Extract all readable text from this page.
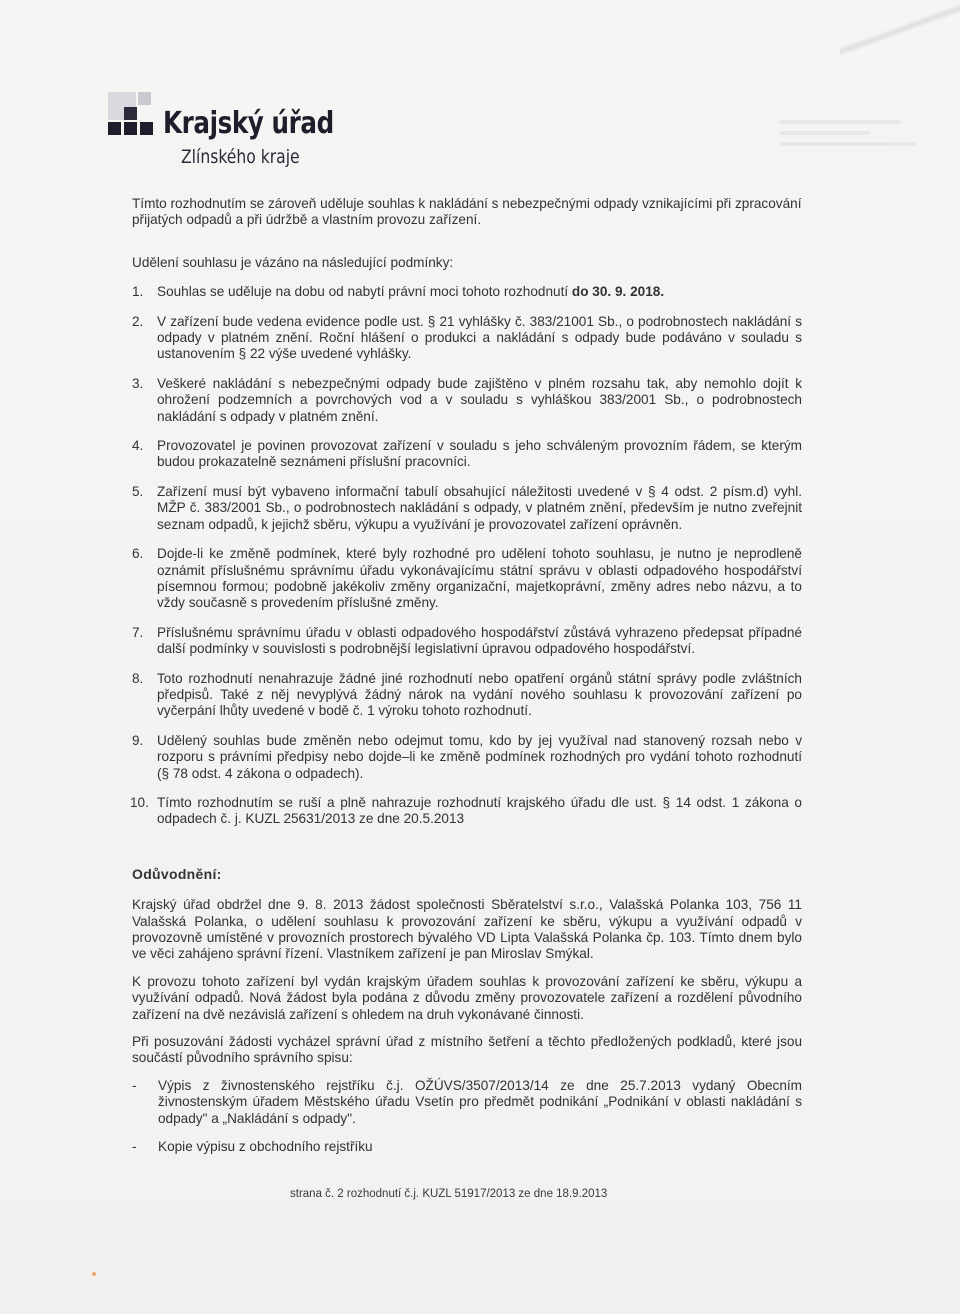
Krajský úřad
Zlínského kraje

Tímto rozhodnutím se zároveň uděluje souhlas k nakládání s nebezpečnými odpady vznikajícími při zpracování přijatých odpadů a při údržbě a vlastním provozu zařízení.

Udělení souhlasu je vázáno na následující podmínky:

1. Souhlas se uděluje na dobu od nabytí právní moci tohoto rozhodnutí do 30. 9. 2018.
2. V zařízení bude vedena evidence podle ust. § 21 vyhlášky č. 383/21001 Sb., o podrobnostech nakládání s odpady v platném znění. Roční hlášení o produkci a nakládání s odpady bude podáváno v souladu s ustanovením § 22 výše uvedené vyhlášky.
3. Veškeré nakládání s nebezpečnými odpady bude zajištěno v plném rozsahu tak, aby nemohlo dojít k ohrožení podzemních a povrchových vod a v souladu s vyhláškou 383/2001 Sb., o podrobnostech nakládání s odpady v platném znění.
4. Provozovatel je povinen provozovat zařízení v souladu s jeho schváleným provozním řádem, se kterým budou prokazatelně seznámeni příslušní pracovníci.
5. Zařízení musí být vybaveno informační tabulí obsahující náležitosti uvedené v § 4 odst. 2 písm.d) vyhl. MŽP č. 383/2001 Sb., o podrobnostech nakládání s odpady, v platném znění, především je nutno zveřejnit seznam odpadů, k jejichž sběru, výkupu a využívání je provozovatel zařízení oprávněn.
6. Dojde-li ke změně podmínek, které byly rozhodné pro udělení tohoto souhlasu, je nutno je neprodleně oznámit příslušnému správnímu úřadu vykonávajícímu státní správu v oblasti odpadového hospodářství písemnou formou; podobně jakékoliv změny organizační, majetkoprávní, změny adres nebo názvu, a to vždy současně s provedením příslušné změny.
7. Příslušnému správnímu úřadu v oblasti odpadového hospodářství zůstává vyhrazeno předepsat případné další podmínky v souvislosti s podrobnější legislativní úpravou odpadového hospodářství.
8. Toto rozhodnutí nenahrazuje žádné jiné rozhodnutí nebo opatření orgánů státní správy podle zvláštních předpisů. Také z něj nevyplývá žádný nárok na vydání nového souhlasu k provozování zařízení po vyčerpání lhůty uvedené v bodě č. 1 výroku tohoto rozhodnutí.
9. Udělený souhlas bude změněn nebo odejmut tomu, kdo by jej využíval nad stanovený rozsah nebo v rozporu s právními předpisy nebo dojde–li ke změně podmínek rozhodných pro vydání tohoto rozhodnutí (§ 78 odst. 4 zákona o odpadech).
10. Tímto rozhodnutím se ruší a plně nahrazuje rozhodnutí krajského úřadu dle ust. § 14 odst. 1 zákona o odpadech č. j. KUZL 25631/2013 ze dne 20.5.2013

Odůvodnění:

Krajský úřad obdržel dne 9. 8. 2013 žádost společnosti Sběratelství s.r.o., Valašská Polanka 103, 756 11 Valašská Polanka, o udělení souhlasu k provozování zařízení ke sběru, výkupu a využívání odpadů v provozovně umístěné v provozních prostorech bývalého VD Lipta Valašská Polanka čp. 103. Tímto dnem bylo ve věci zahájeno správní řízení. Vlastníkem zařízení je pan Miroslav Smýkal.

K provozu tohoto zařízení byl vydán krajským úřadem souhlas k provozování zařízení ke sběru, výkupu a využívání odpadů. Nová žádost byla podána z důvodu změny provozovatele zařízení a rozdělení původního zařízení na dvě nezávislá zařízení s ohledem na druh vykonávané činnosti.

Při posuzování žádosti vycházel správní úřad z místního šetření a těchto předložených podkladů, které jsou součástí původního správního spisu:

- Výpis z živnostenského rejstříku č.j. OŽÚVS/3507/2013/14 ze dne 25.7.2013 vydaný Obecním živnostenským úřadem Městského úřadu Vsetín pro předmět podnikání „Podnikání v oblasti nakládání s odpady" a „Nakládání s odpady".
- Kopie výpisu z obchodního rejstříku
strana č. 2 rozhodnutí č.j. KUZL 51917/2013 ze dne 18.9.2013
